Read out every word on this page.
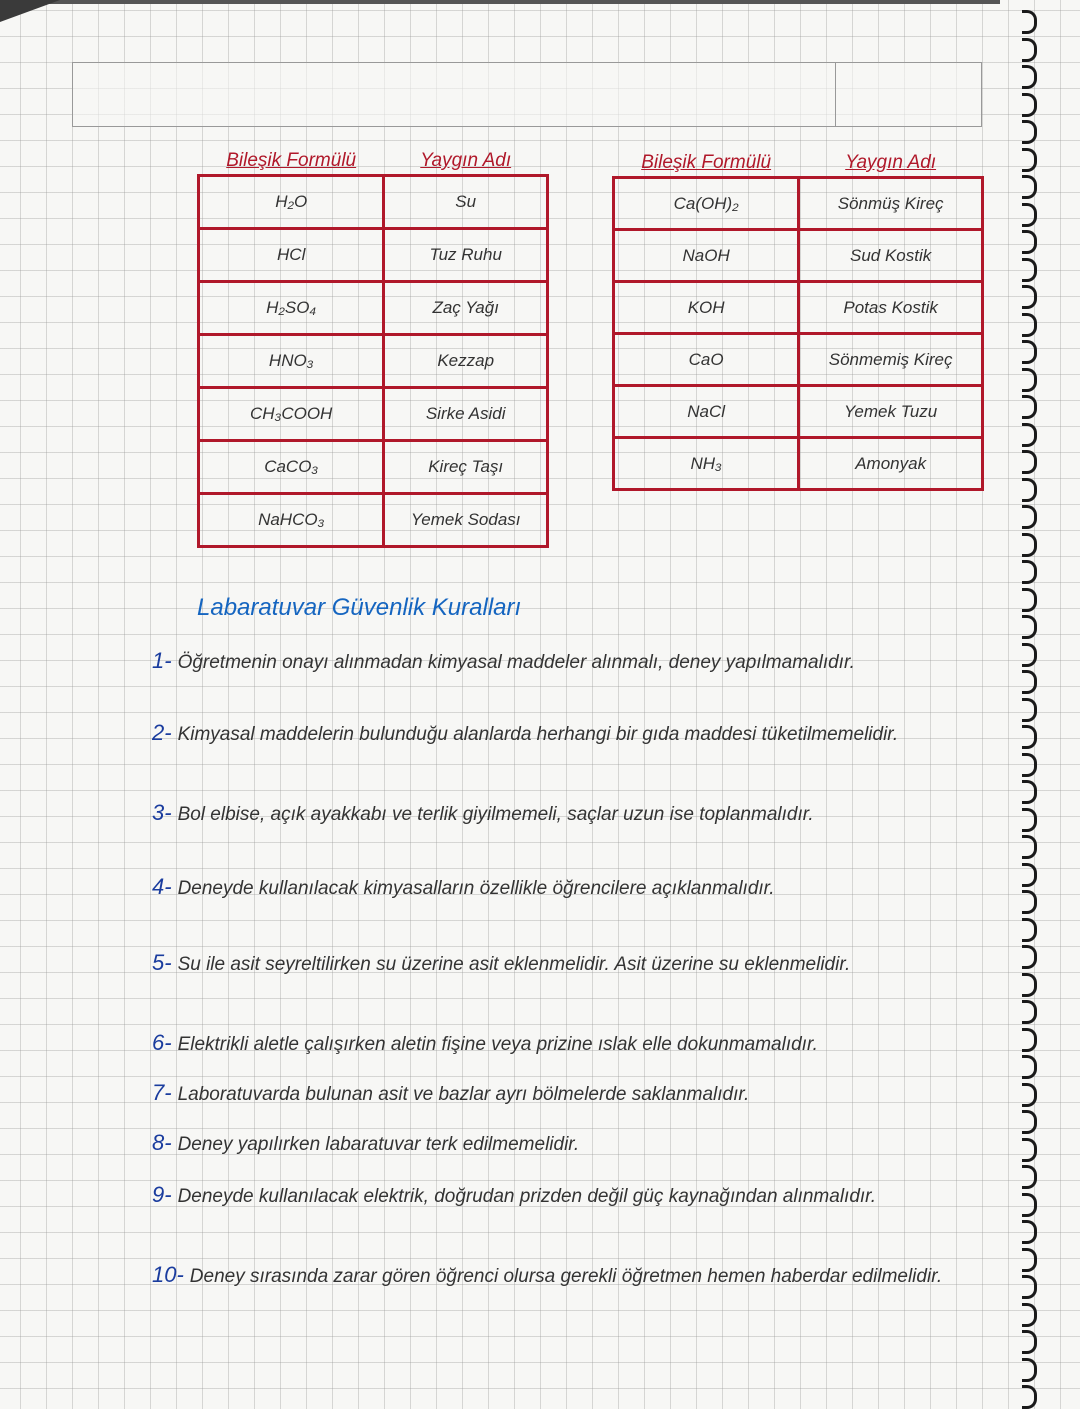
Bileşik Formülü	Yaygın Adı
H₂O	Su
HCl	Tuz Ruhu
H₂SO₄	Zaç Yağı
HNO₃	Kezzap
CH₃COOH	Sirke Asidi
CaCO₃	Kireç Taşı
NaHCO₃	Yemek Sodası
Bileşik Formülü	Yaygın Adı
Ca(OH)₂	Sönmüş Kireç
NaOH	Sud Kostik
KOH	Potas Kostik
CaO	Sönmemiş Kireç
NaCl	Yemek Tuzu
NH₃	Amonyak
Labaratuvar Güvenlik Kuralları
1- Öğretmenin onayı alınmadan kimyasal maddeler alınmalı, deney yapılmamalıdır.
2- Kimyasal maddelerin bulunduğu alanlarda herhangi bir gıda maddesi tüketilmemelidir.
3- Bol elbise, açık ayakkabı ve terlik giyilmemeli, saçlar uzun ise toplanmalıdır.
4- Deneyde kullanılacak kimyasalların özellikle öğrencilere açıklanmalıdır.
5- Su ile asit seyreltilirken su üzerine asit eklenmelidir. Asit üzerine su eklenmelidir.
6- Elektrikli aletle çalışırken aletin fişine veya prizine ıslak elle dokunmamalıdır.
7- Laboratuvarda bulunan asit ve bazlar ayrı bölmelerde saklanmalıdır.
8- Deney yapılırken labaratuvar terk edilmemelidir.
9- Deneyde kullanılacak elektrik, doğrudan prizden değil güç kaynağından alınmalıdır.
10- Deney sırasında zarar gören öğrenci olursa gerekli öğretmen hemen haberdar edilmelidir.
